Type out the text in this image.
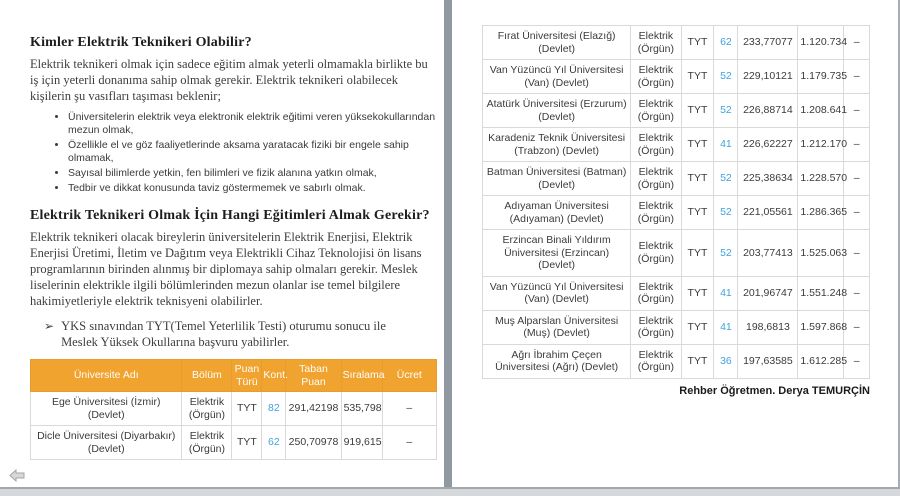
Kimler Elektrik Teknikeri Olabilir?

Elektrik teknikeri olmak için sadece eğitim almak yeterli olmamakla birlikte bu iş için yeterli donanıma sahip olmak gerekir. Elektrik teknikeri olabilecek kişilerin şu vasıfları taşıması beklenir;

• Üniversitelerin elektrik veya elektronik elektrik eğitimi veren yüksekokullarından mezun olmak,
• Özellikle el ve göz faaliyetlerinde aksama yaratacak fiziki bir engele sahip olmamak,
• Sayısal bilimlerde yetkin, fen bilimleri ve fizik alanına yatkın olmak,
• Tedbir ve dikkat konusunda taviz göstermemek ve sabırlı olmak.
Elektrik Teknikeri Olmak İçin Hangi Eğitimleri Almak Gerekir?

Elektrik teknikeri olacak bireylerin üniversitelerin Elektrik Enerjisi, Elektrik Enerjisi Üretimi, İletim ve Dağıtım veya Elektrikli Cihaz Teknolojisi ön lisans programlarının birinden alınmış bir diplomaya sahip olmaları gerekir. Meslek liselerinin elektrikle ilgili bölümlerinden mezun olanlar ise temel bilgilere hakimiyetleriyle elektrik teknisyeni olabilirler.

➢ YKS sınavından TYT(Temel Yeterlilik Testi) oturumu sonucu ile Meslek Yüksek Okullarına başvuru yabilirler.
Üniversite Adı	Bölüm	Puan Türü	Kont.	Taban Puan	Sıralama	Ücret
Ege Üniversitesi (İzmir) (Devlet)	Elektrik (Örgün)	TYT	82	291,42198	535,798	–
Dicle Üniversitesi (Diyarbakır) (Devlet)	Elektrik (Örgün)	TYT	62	250,70978	919,615	–
Fırat Üniversitesi (Elazığ) (Devlet)	Elektrik (Örgün)	TYT	62	233,77077	1.120.734	–
Van Yüzüncü Yıl Üniversitesi (Van) (Devlet)	Elektrik (Örgün)	TYT	52	229,10121	1.179.735	–
Atatürk Üniversitesi (Erzurum) (Devlet)	Elektrik (Örgün)	TYT	52	226,88714	1.208.641	–
Karadeniz Teknik Üniversitesi (Trabzon) (Devlet)	Elektrik (Örgün)	TYT	41	226,62227	1.212.170	–
Batman Üniversitesi (Batman) (Devlet)	Elektrik (Örgün)	TYT	52	225,38634	1.228.570	–
Adıyaman Üniversitesi (Adıyaman) (Devlet)	Elektrik (Örgün)	TYT	52	221,05561	1.286.365	–
Erzincan Binali Yıldırım Üniversitesi (Erzincan) (Devlet)	Elektrik (Örgün)	TYT	52	203,77413	1.525.063	–
Van Yüzüncü Yıl Üniversitesi (Van) (Devlet)	Elektrik (Örgün)	TYT	41	201,96747	1.551.248	–
Muş Alparslan Üniversitesi (Muş) (Devlet)	Elektrik (Örgün)	TYT	41	198,6813	1.597.868	–
Ağrı İbrahim Çeçen Üniversitesi (Ağrı) (Devlet)	Elektrik (Örgün)	TYT	36	197,63585	1.612.285	–
Rehber Öğretmen. Derya TEMURÇİN
